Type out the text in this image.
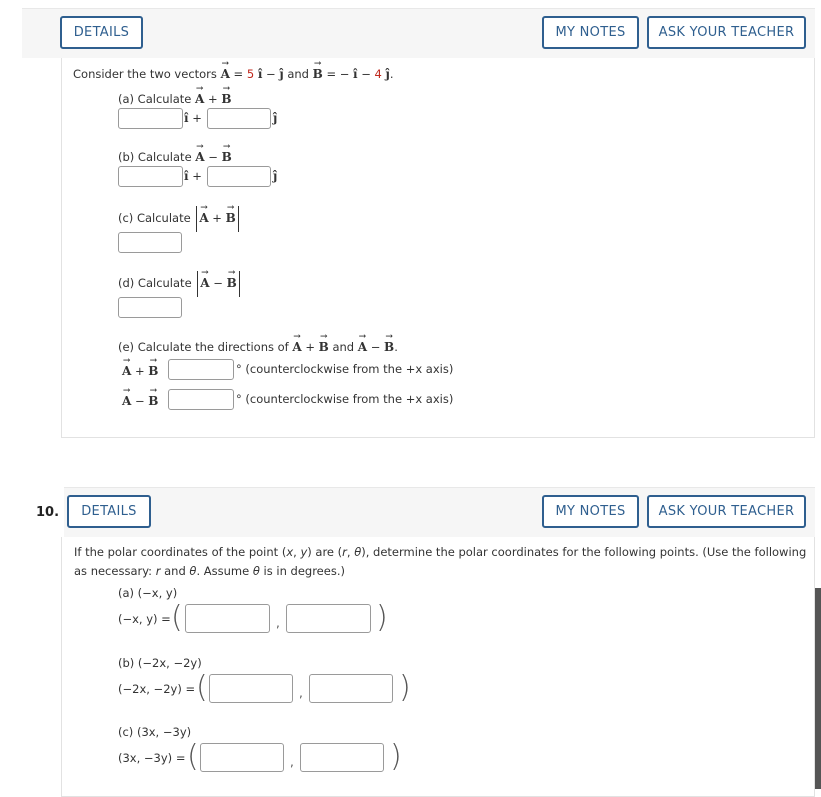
DETAILS	MY NOTES	ASK YOUR TEACHER
Consider the two vectors → A = 5 î − ĵ and → B = − î − 4 ĵ.
(a) Calculate → A + → B
î +	ĵ
(b) Calculate → A − → B
î +	ĵ
(c) Calculate → A + → B
(d) Calculate → A − → B
(e) Calculate the directions of → A + → B and → A − → B.
→ A + → B	° (counterclockwise from the +x axis)
→ A − → B	° (counterclockwise from the +x axis)
10.	DETAILS	MY NOTES	ASK YOUR TEACHER
If the polar coordinates of the point (x, y) are (r, θ), determine the polar coordinates for the following points. (Use the following
as necessary: r and θ. Assume θ is in degrees.)
(a) (−x, y)
(−x, y) = (	,	)
(b) (−2x, −2y)
(−2x, −2y) = (	,	)
(c) (3x, −3y)
(3x, −3y) = (	,	)
